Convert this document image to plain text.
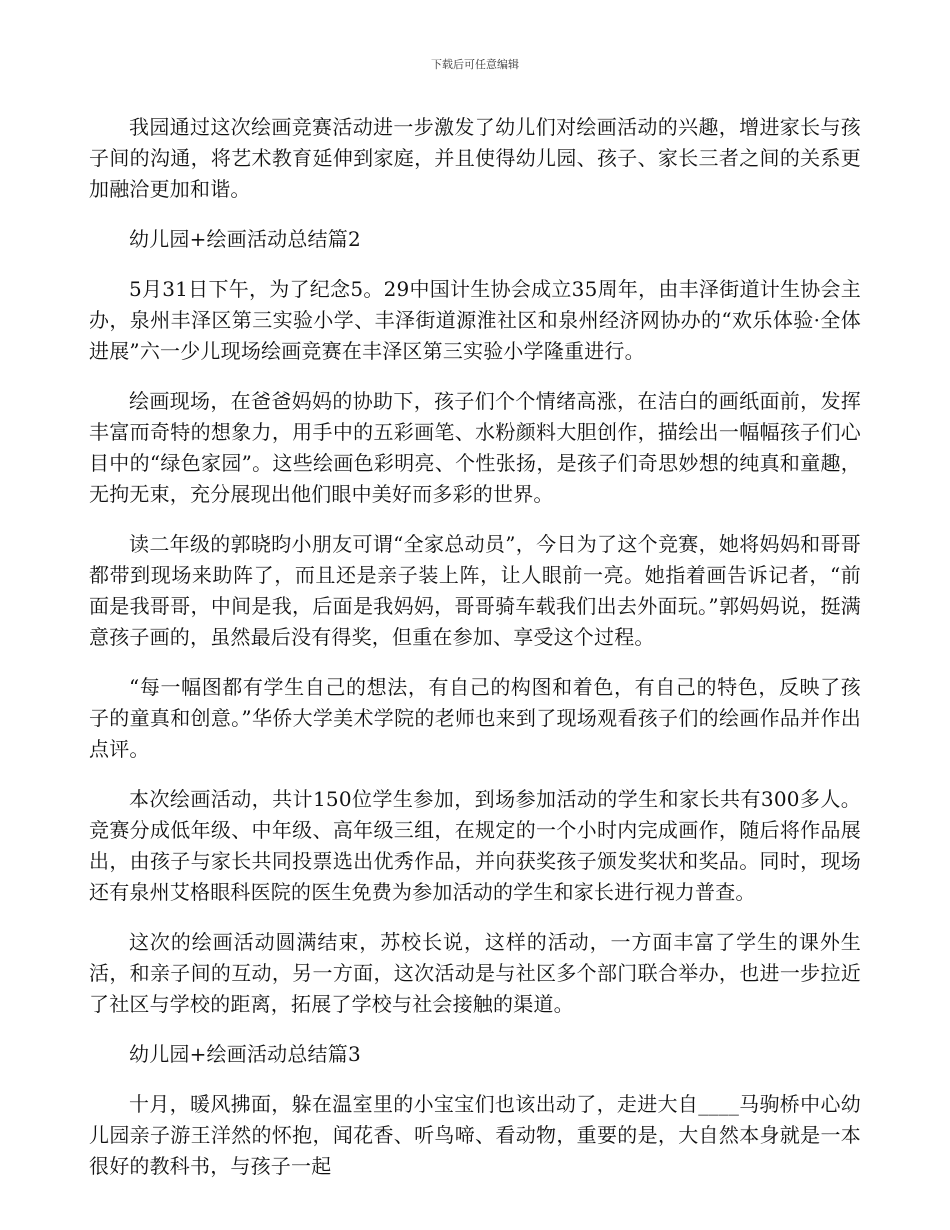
下载后可任意编辑

我园通过这次绘画竞赛活动进一步激发了幼儿们对绘画活动的兴趣，增进家长与孩子间的沟通，将艺术教育延伸到家庭，并且使得幼儿园、孩子、家长三者之间的关系更加融洽更加和谐。

幼儿园+绘画活动总结篇2

5月31日下午，为了纪念5。29中国计生协会成立35周年，由丰泽街道计生协会主办，泉州丰泽区第三实验小学、丰泽街道源淮社区和泉州经济网协办的“欢乐体验·全体进展”六一少儿现场绘画竞赛在丰泽区第三实验小学隆重进行。

绘画现场，在爸爸妈妈的协助下，孩子们个个情绪高涨，在洁白的画纸面前，发挥丰富而奇特的想象力，用手中的五彩画笔、水粉颜料大胆创作，描绘出一幅幅孩子们心目中的“绿色家园”。这些绘画色彩明亮、个性张扬，是孩子们奇思妙想的纯真和童趣，无拘无束，充分展现出他们眼中美好而多彩的世界。

读二年级的郭晓昀小朋友可谓“全家总动员”，今日为了这个竞赛，她将妈妈和哥哥都带到现场来助阵了，而且还是亲子装上阵，让人眼前一亮。她指着画告诉记者，“前面是我哥哥，中间是我，后面是我妈妈，哥哥骑车载我们出去外面玩。”郭妈妈说，挺满意孩子画的，虽然最后没有得奖，但重在参加、享受这个过程。

“每一幅图都有学生自己的想法，有自己的构图和着色，有自己的特色，反映了孩子的童真和创意。”华侨大学美术学院的老师也来到了现场观看孩子们的绘画作品并作出点评。

本次绘画活动，共计150位学生参加，到场参加活动的学生和家长共有300多人。竞赛分成低年级、中年级、高年级三组，在规定的一个小时内完成画作，随后将作品展出，由孩子与家长共同投票选出优秀作品，并向获奖孩子颁发奖状和奖品。同时，现场还有泉州艾格眼科医院的医生免费为参加活动的学生和家长进行视力普查。

这次的绘画活动圆满结束，苏校长说，这样的活动，一方面丰富了学生的课外生活，和亲子间的互动，另一方面，这次活动是与社区多个部门联合举办，也进一步拉近了社区与学校的距离，拓展了学校与社会接触的渠道。

幼儿园+绘画活动总结篇3

十月，暖风拂面，躲在温室里的小宝宝们也该出动了，走进大自____马驹桥中心幼儿园亲子游王洋然的怀抱，闻花香、听鸟啼、看动物，重要的是，大自然本身就是一本很好的教科书，与孩子一起
